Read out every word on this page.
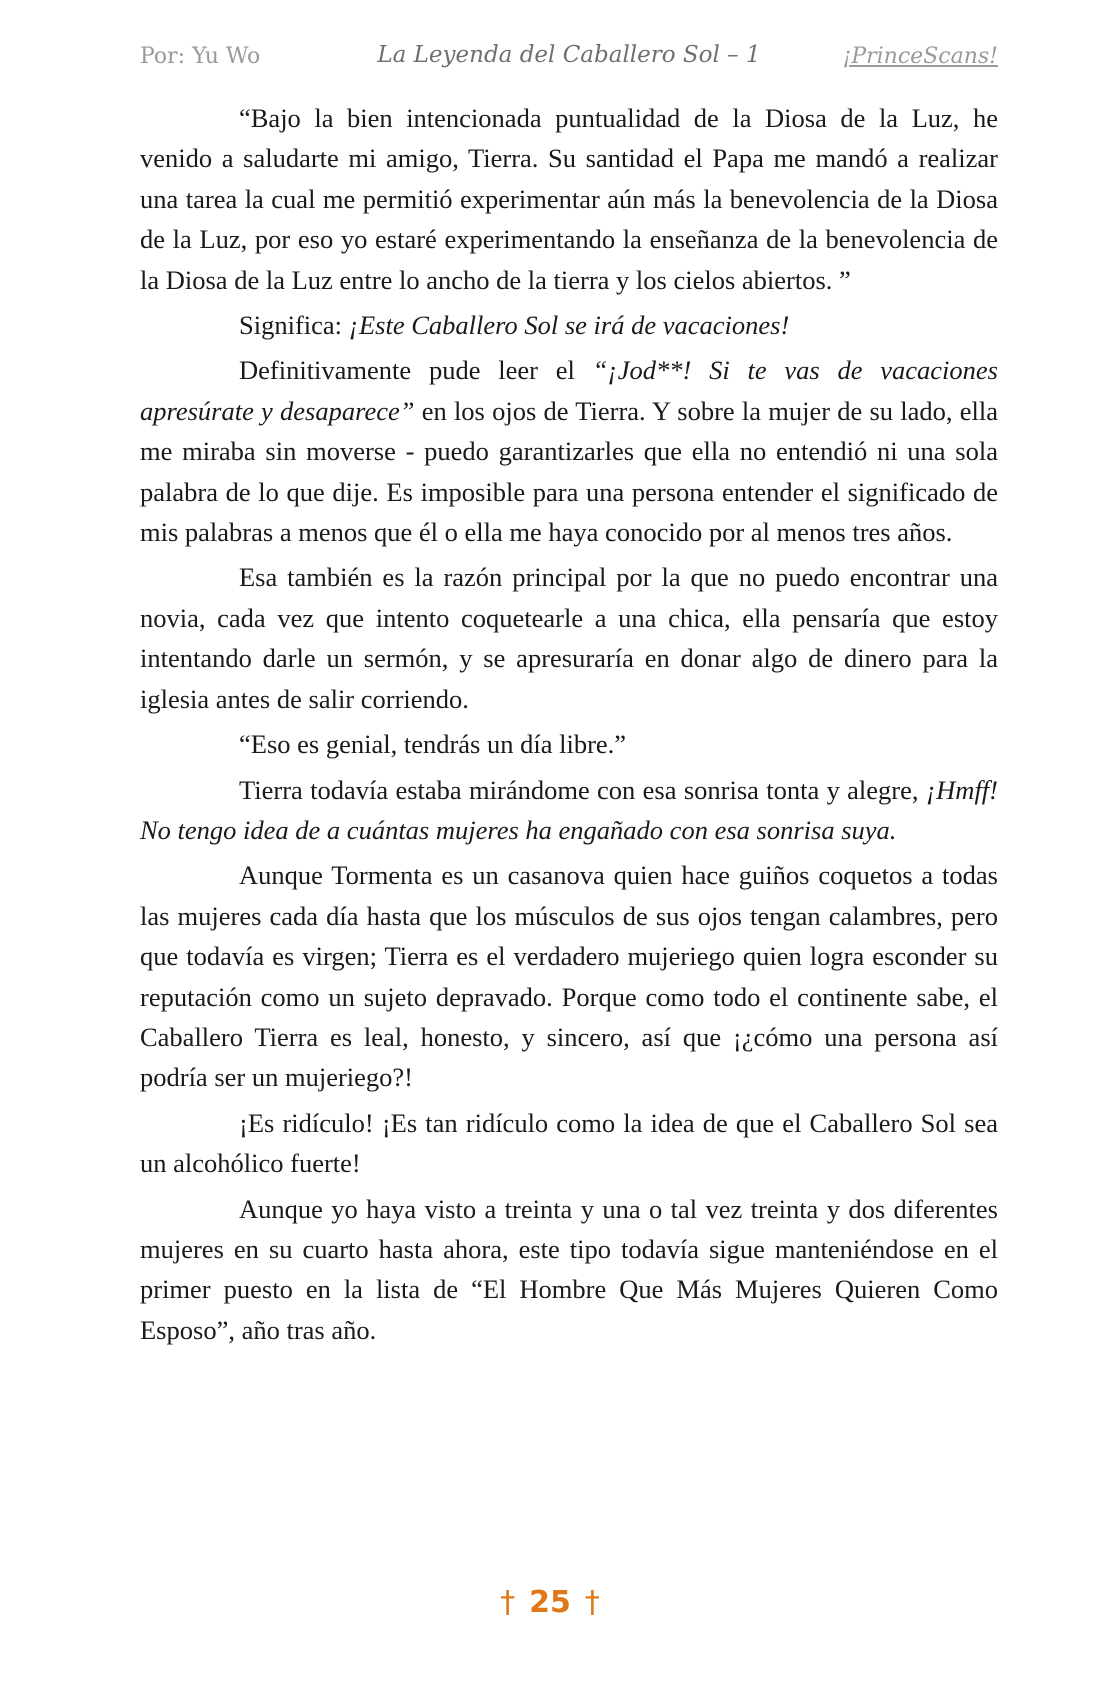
Por: Yu Wo	La Leyenda del Caballero Sol – 1	¡PrinceScans!

“Bajo la bien intencionada puntualidad de la Diosa de la Luz, he venido a saludarte mi amigo, Tierra. Su santidad el Papa me mandó a realizar una tarea la cual me permitió experimentar aún más la benevolencia de la Diosa de la Luz, por eso yo estaré experimentando la enseñanza de la benevolencia de la Diosa de la Luz entre lo ancho de la tierra y los cielos abiertos. ”

Significa: ¡Este Caballero Sol se irá de vacaciones!

Definitivamente pude leer el “¡Jod**! Si te vas de vacaciones apresúrate y desaparece” en los ojos de Tierra. Y sobre la mujer de su lado, ella me miraba sin moverse - puedo garantizarles que ella no entendió ni una sola palabra de lo que dije. Es imposible para una persona entender el significado de mis palabras a menos que él o ella me haya conocido por al menos tres años.

Esa también es la razón principal por la que no puedo encontrar una novia, cada vez que intento coquetearle a una chica, ella pensaría que estoy intentando darle un sermón, y se apresuraría en donar algo de dinero para la iglesia antes de salir corriendo.

“Eso es genial, tendrás un día libre.”

Tierra todavía estaba mirándome con esa sonrisa tonta y alegre, ¡Hmff! No tengo idea de a cuántas mujeres ha engañado con esa sonrisa suya.

Aunque Tormenta es un casanova quien hace guiños coquetos a todas las mujeres cada día hasta que los músculos de sus ojos tengan calambres, pero que todavía es virgen; Tierra es el verdadero mujeriego quien logra esconder su reputación como un sujeto depravado. Porque como todo el continente sabe, el Caballero Tierra es leal, honesto, y sincero, así que ¡¿cómo una persona así podría ser un mujeriego?!

¡Es ridículo! ¡Es tan ridículo como la idea de que el Caballero Sol sea un alcohólico fuerte!

Aunque yo haya visto a treinta y una o tal vez treinta y dos diferentes mujeres en su cuarto hasta ahora, este tipo todavía sigue manteniéndose en el primer puesto en la lista de “El Hombre Que Más Mujeres Quieren Como Esposo”, año tras año.

† 25 †
